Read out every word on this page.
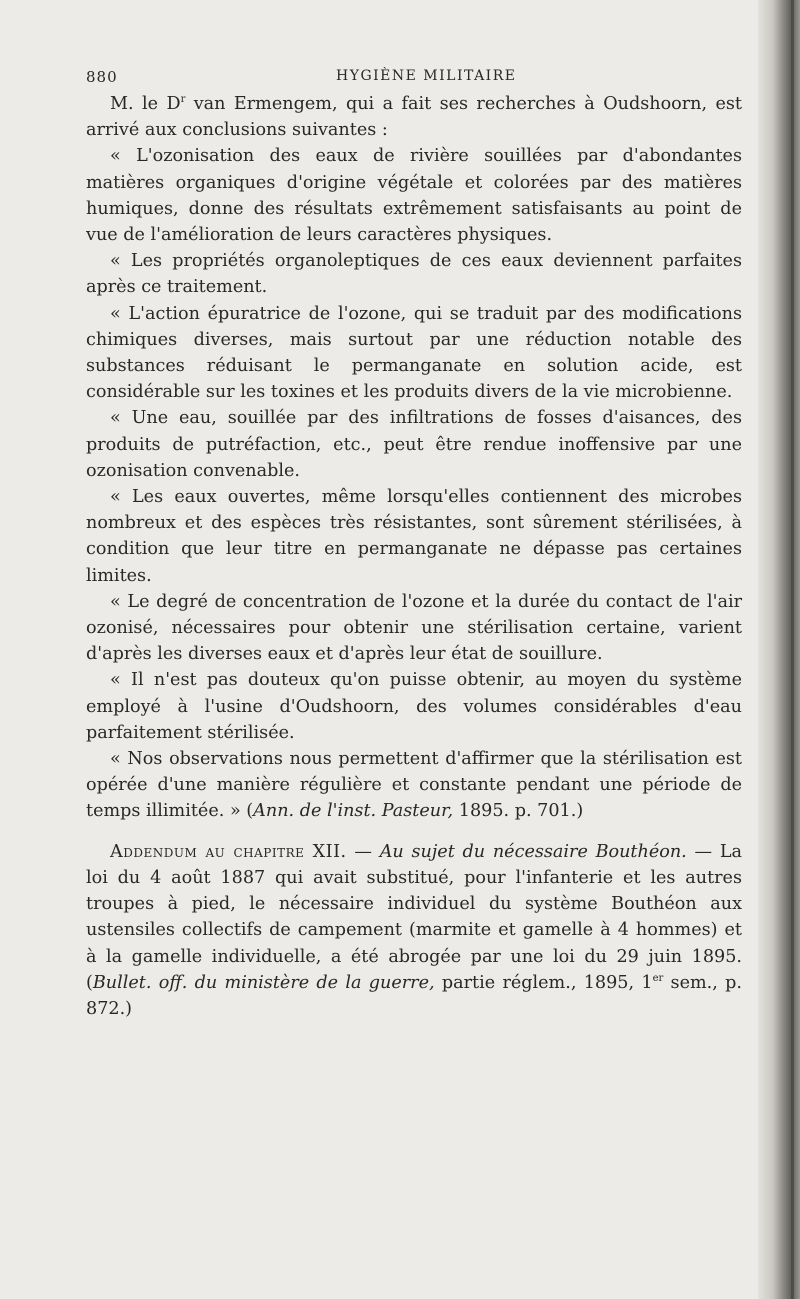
880	HYGIÈNE MILITAIRE

M. le $D^r$ van Ermengem, qui a fait ses recherches à Oudshoorn, est arrivé aux conclusions suivantes :

« L'ozonisation des eaux de rivière souillées par d'abondantes matières organiques d'origine végétale et colorées par des matières humiques, donne des résultats extrêmement satisfaisants au point de vue de l'amélioration de leurs caractères physiques.

« Les propriétés organoleptiques de ces eaux deviennent parfaites après ce traitement.

« L'action épuratrice de l'ozone, qui se traduit par des modifications chimiques diverses, mais surtout par une réduction notable des substances réduisant le permanganate en solution acide, est considérable sur les toxines et les produits divers de la vie microbienne.

« Une eau, souillée par des infiltrations de fosses d'aisances, des produits de putréfaction, etc., peut être rendue inoffensive par une ozonisation convenable.

« Les eaux ouvertes, même lorsqu'elles contiennent des microbes nombreux et des espèces très résistantes, sont sûrement stérilisées, à condition que leur titre en permanganate ne dépasse pas certaines limites.

« Le degré de concentration de l'ozone et la durée du contact de l'air ozonisé, nécessaires pour obtenir une stérilisation certaine, varient d'après les diverses eaux et d'après leur état de souillure.

« Il n'est pas douteux qu'on puisse obtenir, au moyen du système employé à l'usine d'Oudshoorn, des volumes considérables d'eau parfaitement stérilisée.

« Nos observations nous permettent d'affirmer que la stérilisation est opérée d'une manière régulière et constante pendant une période de temps illimitée. » (Ann. de l'inst. Pasteur, 1895. p. 701.)

Addendum au chapitre XII. — Au sujet du nécessaire Bouthéon. — La loi du 4 août 1887 qui avait substitué, pour l'infanterie et les autres troupes à pied, le nécessaire individuel du système Bouthéon aux ustensiles collectifs de campement (marmite et gamelle à 4 hommes) et à la gamelle individuelle, a été abrogée par une loi du 29 juin 1895. (Bullet. off. du ministère de la guerre, partie réglem., 1895, 1er sem., p. 872.)
